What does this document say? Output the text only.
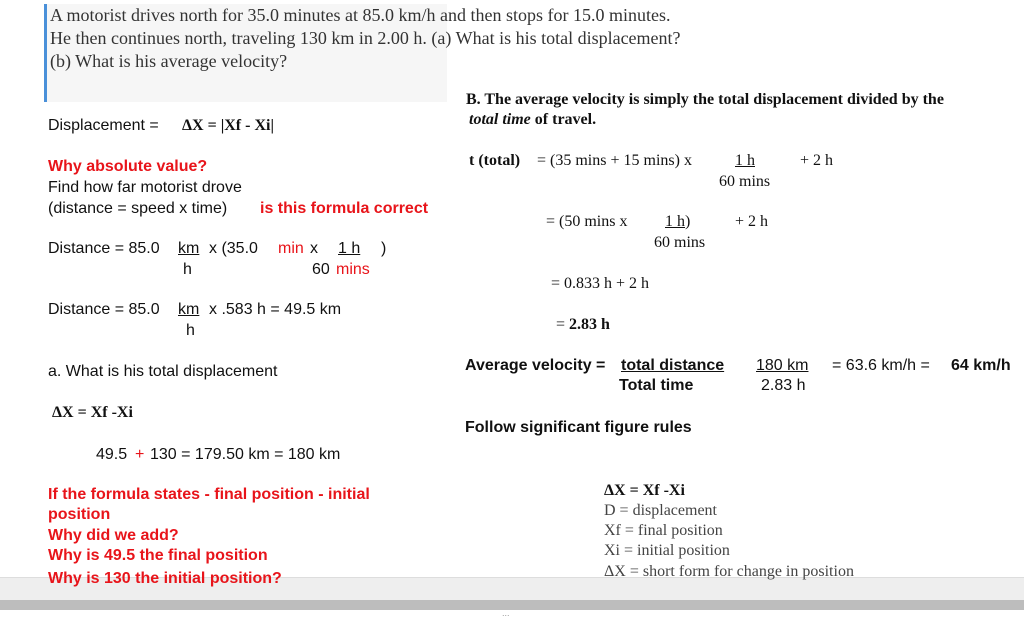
A motorist drives north for 35.0 minutes at 85.0 km/h and then stops for 15.0 minutes.
He then continues north, traveling 130 km in 2.00 h. (a) What is his total displacement?
(b) What is his average velocity?
Displacement = ΔX = |Xf - Xi|
Why absolute value?
Find how far motorist drove
(distance = speed x time) is this formula correct
Distance = 85.0 km x (35.0 min x 1 h )
h	60 mins
Distance = 85.0 km x .583 h = 49.5 km
h
a. What is his total displacement
ΔX = Xf -Xi
49.5 + 130 = 179.50 km = 180 km
If the formula states - final position - initial
position
Why did we add?
Why is 49.5 the final position
Why is 130 the initial position?
B. The average velocity is simply the total displacement divided by the
total time of travel.
t (total) = (35 mins + 15 mins) x	1 h	+ 2 h
60 mins
= (50 mins x 1 h )	+ 2 h
60 mins
= 0.833 h + 2 h
= 2.83 h
Average velocity = total distance
Total time
180 km
2.83 h
= 63.6 km/h = 64 km/h
Follow significant figure rules
ΔX = Xf -Xi
D = displacement
Xf = final position
Xi = initial position
ΔX = short form for change in position
...
